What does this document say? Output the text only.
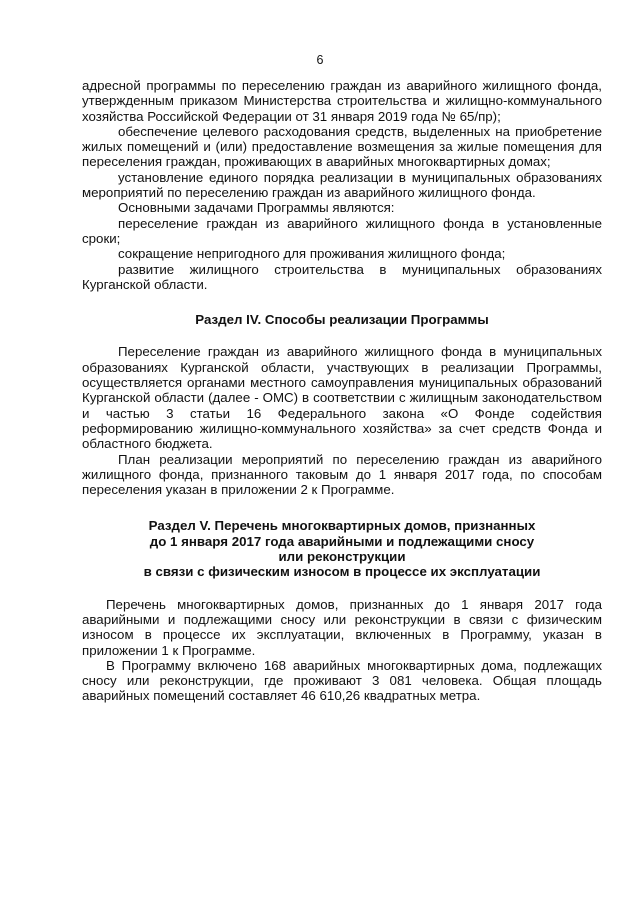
6

адресной программы по переселению граждан из аварийного жилищного фонда, утвержденным приказом Министерства строительства и жилищно-коммунального хозяйства Российской Федерации от 31 января 2019 года № 65/пр);

обеспечение целевого расходования средств, выделенных на приобретение жилых помещений и (или) предоставление возмещения за жилые помещения для переселения граждан, проживающих в аварийных многоквартирных домах;

установление единого порядка реализации в муниципальных образованиях мероприятий по переселению граждан из аварийного жилищного фонда.

Основными задачами Программы являются:

переселение граждан из аварийного жилищного фонда в установленные сроки;

сокращение непригодного для проживания жилищного фонда;

развитие жилищного строительства в муниципальных образованиях Курганской области.

Раздел IV. Способы реализации Программы

Переселение граждан из аварийного жилищного фонда в муниципальных образованиях Курганской области, участвующих в реализации Программы, осуществляется органами местного самоуправления муниципальных образований Курганской области (далее - ОМС) в соответствии с жилищным законодательством и частью 3 статьи 16 Федерального закона «О Фонде содействия реформированию жилищно-коммунального хозяйства» за счет средств Фонда и областного бюджета.

План реализации мероприятий по переселению граждан из аварийного жилищного фонда, признанного таковым до 1 января 2017 года, по способам переселения указан в приложении 2 к Программе.

Раздел V. Перечень многоквартирных домов, признанных
до 1 января 2017 года аварийными и подлежащими сносу
или реконструкции
в связи с физическим износом в процессе их эксплуатации

Перечень многоквартирных домов, признанных до 1 января 2017 года аварийными и подлежащими сносу или реконструкции в связи с физическим износом в процессе их эксплуатации, включенных в Программу, указан в приложении 1 к Программе.

В Программу включено 168 аварийных многоквартирных дома, подлежащих сносу или реконструкции, где проживают 3 081 человека. Общая площадь аварийных помещений составляет 46 610,26 квадратных метра.
